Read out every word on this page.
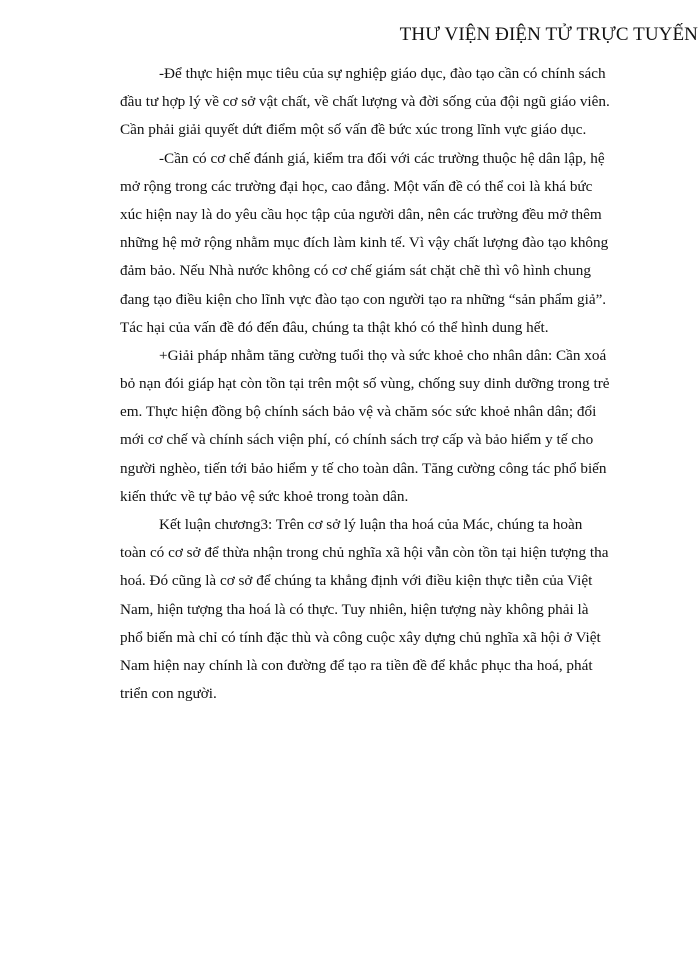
THƯ VIỆN ĐIỆN TỬ TRỰC TUYẾN
-Để thực hiện mục tiêu của sự nghiệp giáo dục, đào tạo cần có chính sách
đầu tư hợp lý về cơ sở vật chất, về chất lượng và đời sống của đội ngũ giáo viên.
Cần phải giải quyết dứt điểm một số vấn đề bức xúc trong lĩnh vực giáo dục.
-Cần có cơ chế đánh giá, kiểm tra đối với các trường thuộc hệ dân lập, hệ
mở rộng trong các trường đại học, cao đẳng. Một vấn đề có thể coi là khá bức
xúc hiện nay là do yêu cầu học tập của người dân, nên các trường đều mở thêm
những hệ mở rộng nhằm mục đích làm kinh tế. Vì vậy chất lượng đào tạo không
đảm bảo. Nếu Nhà nước không có cơ chế giám sát chặt chẽ thì vô hình chung
đang tạo điều kiện cho lĩnh vực đào tạo con người tạo ra những “sản phẩm giả”.
Tác hại của vấn đề đó đến đâu, chúng ta thật khó có thể hình dung hết.
+Giải pháp nhằm tăng cường tuổi thọ và sức khoẻ cho nhân dân: Cần xoá
bỏ nạn đói giáp hạt còn tồn tại trên một số vùng, chống suy dinh dưỡng trong trẻ
em. Thực hiện đồng bộ chính sách bảo vệ và chăm sóc sức khoẻ nhân dân; đổi
mới cơ chế và chính sách viện phí, có chính sách trợ cấp và bảo hiểm y tế cho
người nghèo, tiến tới bảo hiểm y tế cho toàn dân. Tăng cường công tác phổ biến
kiến thức về tự bảo vệ sức khoẻ trong toàn dân.
Kết luận chương3: Trên cơ sở lý luận tha hoá của Mác, chúng ta hoàn
toàn có cơ sở để thừa nhận trong chủ nghĩa xã hội vẫn còn tồn tại hiện tượng tha
hoá. Đó cũng là cơ sở để chúng ta khẳng định với điều kiện thực tiễn của Việt
Nam, hiện tượng tha hoá là có thực. Tuy nhiên, hiện tượng này không phải là
phổ biến mà chỉ có tính đặc thù và công cuộc xây dựng chủ nghĩa xã hội ở Việt
Nam hiện nay chính là con đường để tạo ra tiền đề để khắc phục tha hoá, phát
triển con người.
